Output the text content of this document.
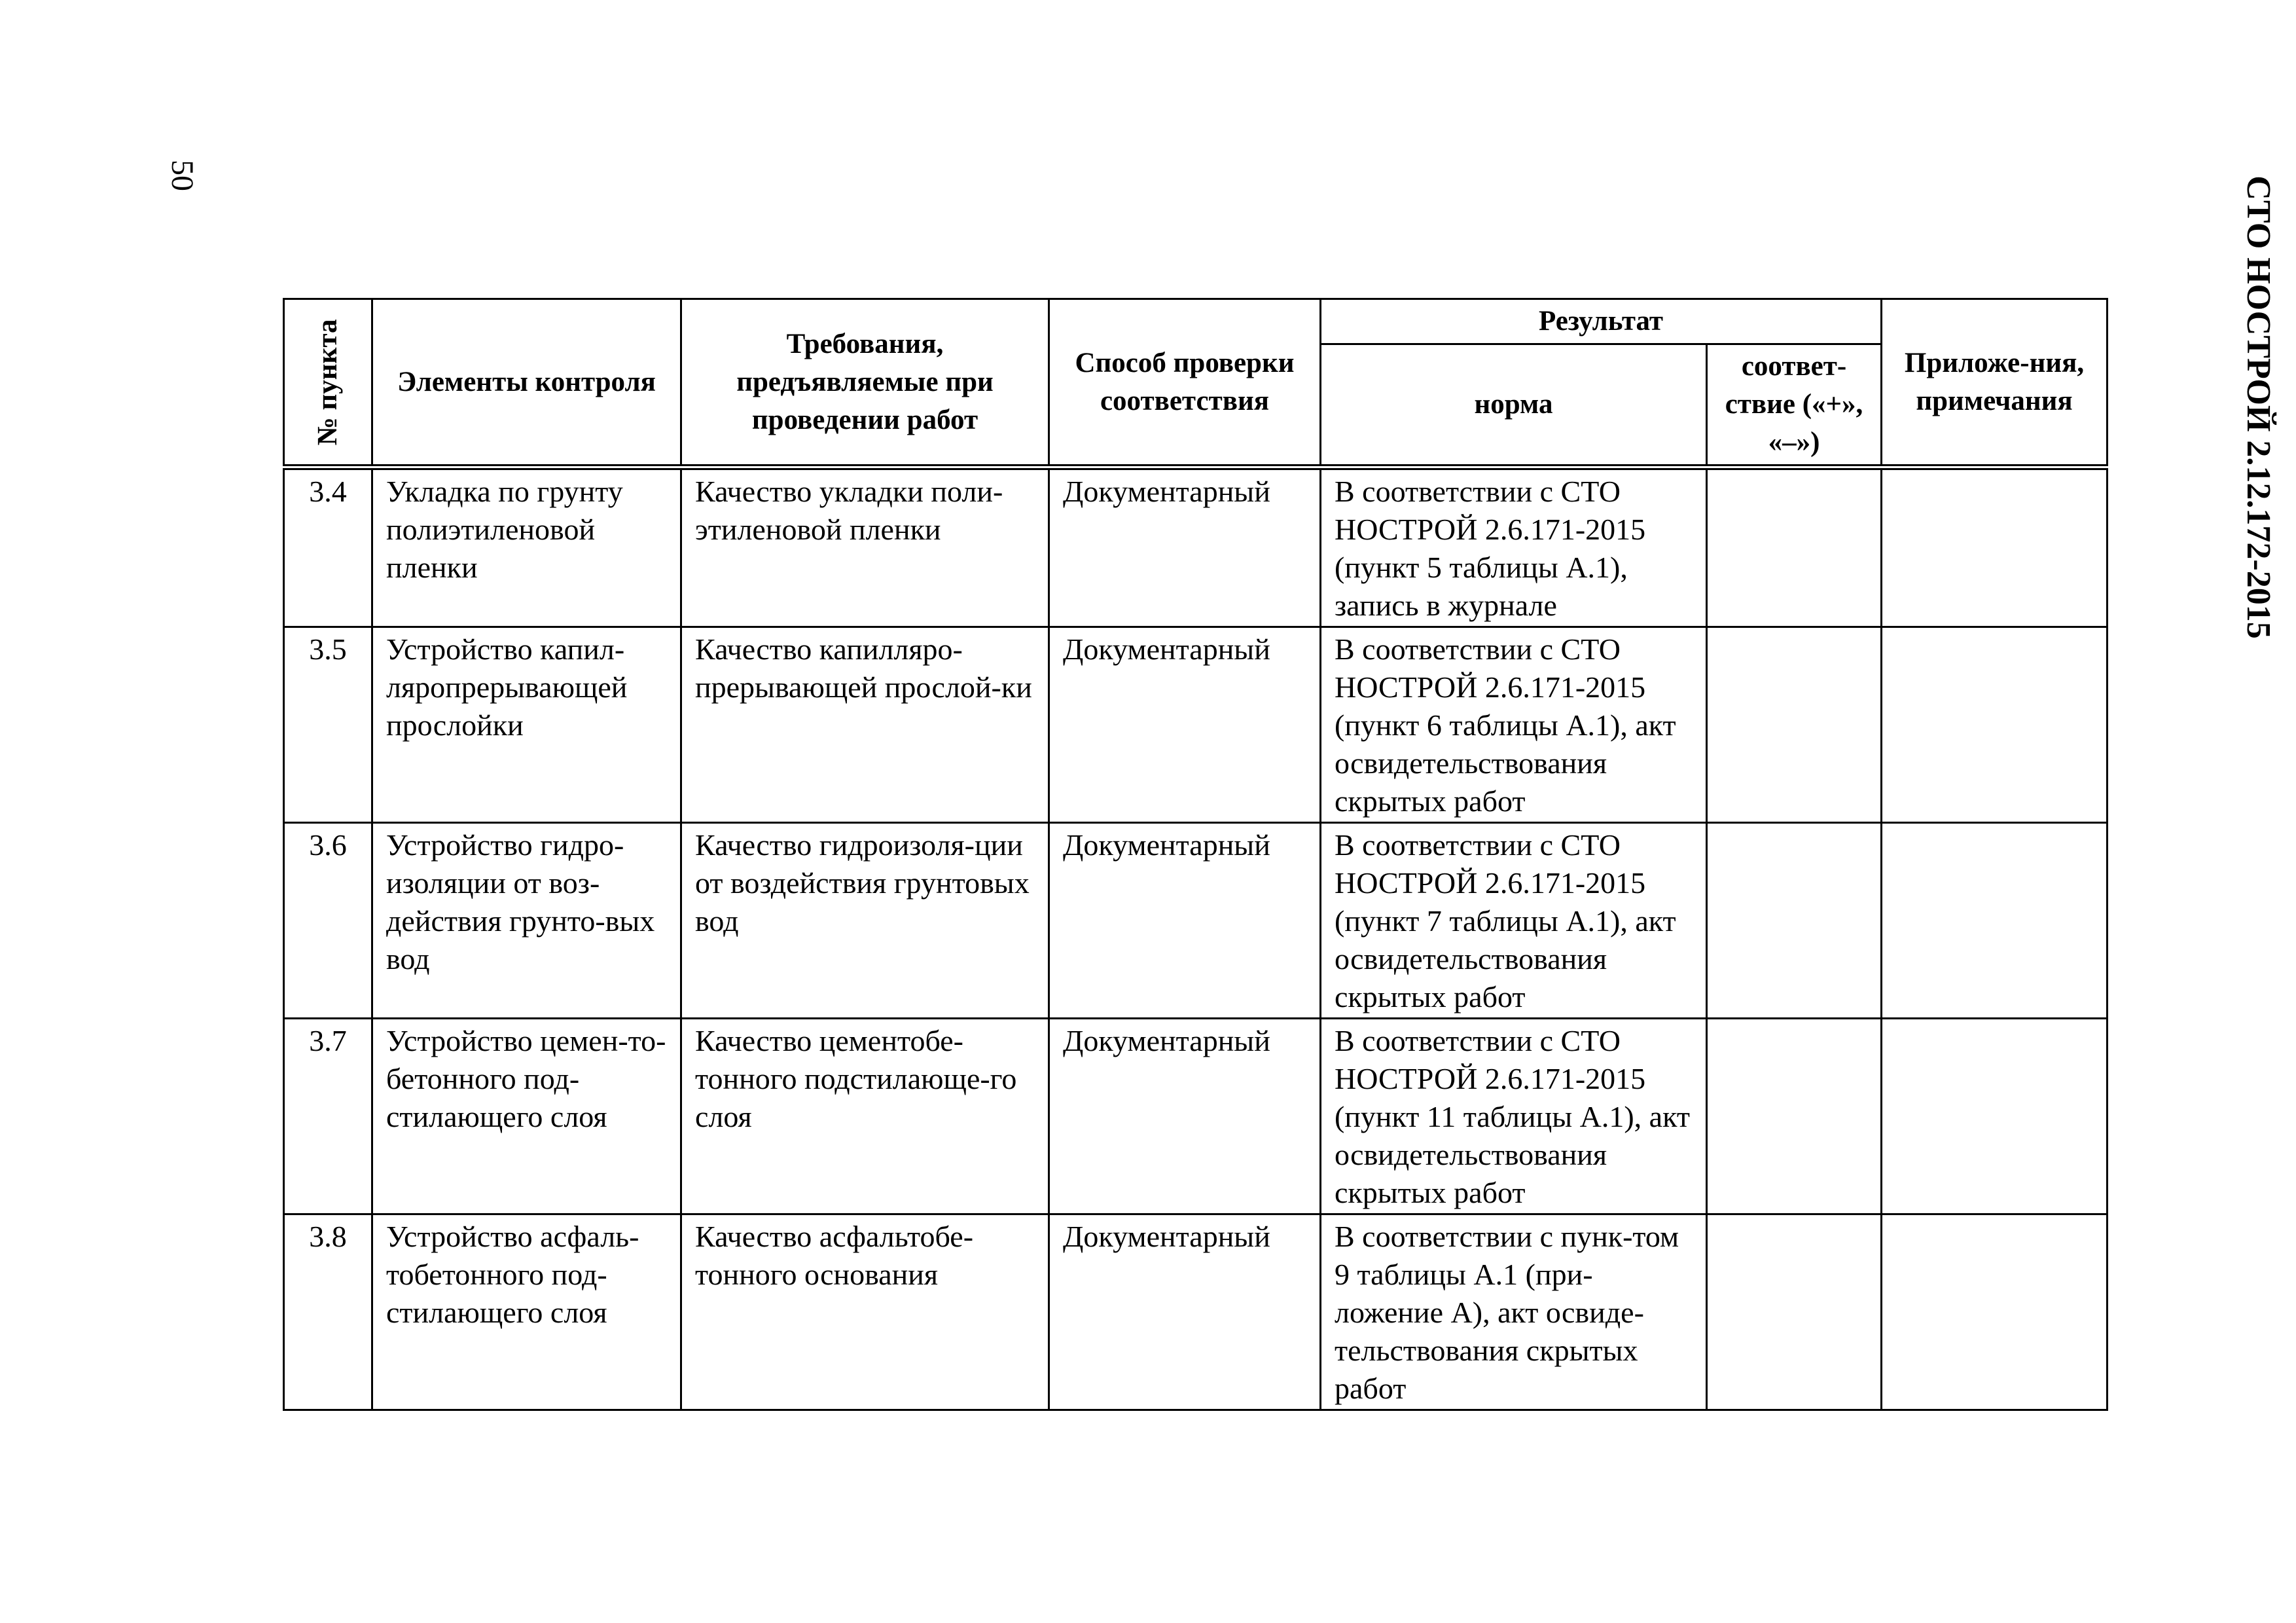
50
СТО НОСТРОЙ 2.12.172-2015
№ пункта	Элементы контроля	Требования, предъявляемые при проведении работ	Способ проверки соответствия	Результат		Приложе-ния, примечания
				норма	соответ-ствие («+», «–»)	
3.4	Укладка по грунту полиэтиленовой пленки	Качество укладки поли-этиленовой пленки	Документарный	В соответствии с СТО НОСТРОЙ 2.6.171-2015 (пункт 5 таблицы А.1), запись в журнале		
3.5	Устройство капил-лярoпрерывающей прослойки	Качество капилляро-прерывающей прослой-ки	Документарный	В соответствии с СТО НОСТРОЙ 2.6.171-2015 (пункт 6 таблицы А.1), акт освидетельствования скрытых работ		
3.6	Устройство гидро-изоляции от воз-действия грунто-вых вод	Качество гидроизоля-ции от воздействия грунтовых вод	Документарный	В соответствии с СТО НОСТРОЙ 2.6.171-2015 (пункт 7 таблицы А.1), акт освидетельствования скрытых работ		
3.7	Устройство цемен-то-бетонного под-стилающего слоя	Качество цементобе-тонного подстилающе-го слоя	Документарный	В соответствии с СТО НОСТРОЙ 2.6.171-2015 (пункт 11 таблицы А.1), акт освидетельствования скрытых работ		
3.8	Устройство асфаль-тобетонного под-стилающего слоя	Качество асфальтобе-тонного основания	Документарный	В соответствии с пунк-том 9 таблицы А.1 (при-ложение А), акт освиде-тельствования скрытых работ		
